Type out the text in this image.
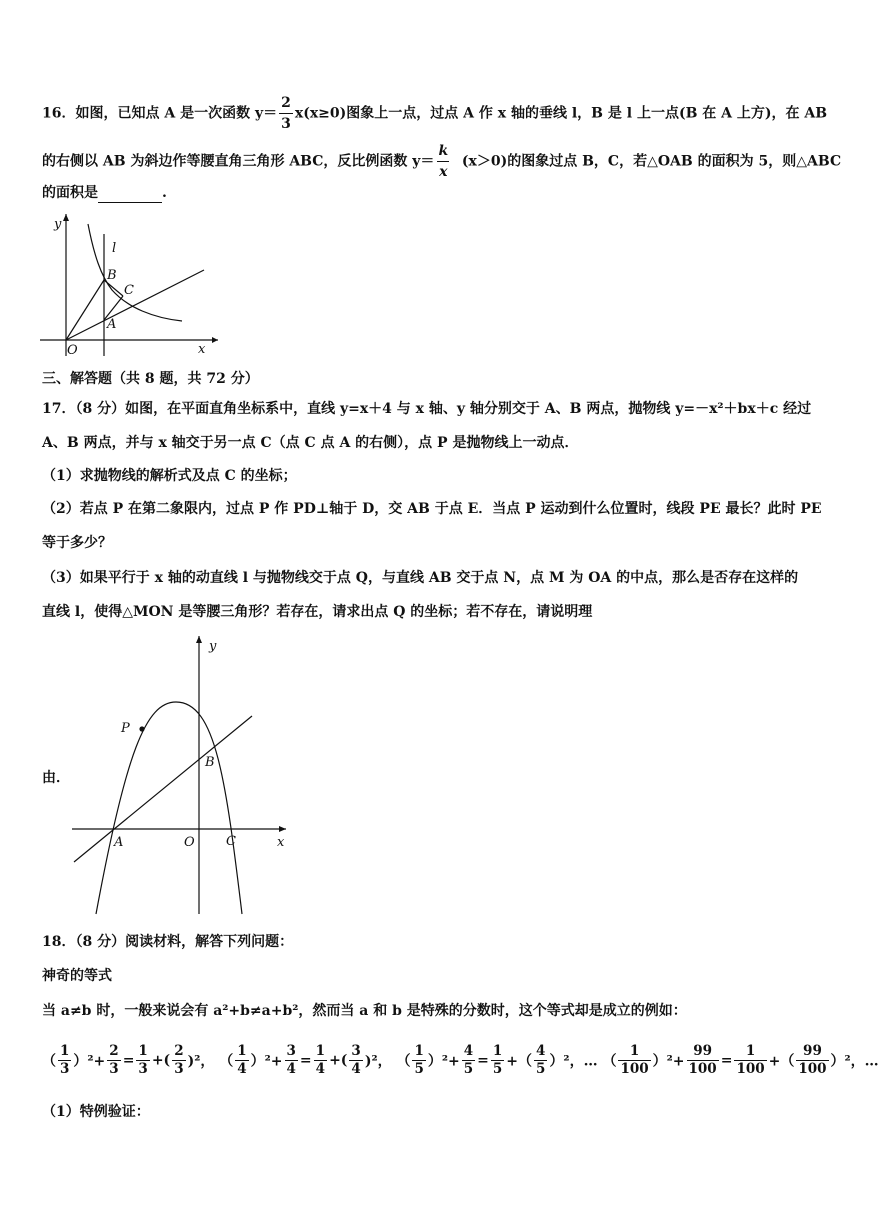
16．如图，已知点 A 是一次函数 $y= \frac{2}{3} x(x\ge 0)$图象上一点，过点 A 作 x 轴的垂线 l，B 是 l 上一点(B 在 A 上方)，在 AB
的右侧以 AB 为斜边作等腰直角三角形 ABC，反比例函数 $y= \frac{k}{x} (x>0)$的图象过点 B，C，若△OAB 的面积为 5，则△ABC
的面积是	.
y
l
B
C
A
O	x
三、解答题（共 8 题，共 72 分）
17．（8 分）如图，在平面直角坐标系中，直线 y=x＋4 与 x 轴、y 轴分别交于 A、B 两点，抛物线 y=－x²＋bx＋c 经过
A、B 两点，并与 x 轴交于另一点 C（点 C 点 A 的右侧），点 P 是抛物线上一动点．
（1）求抛物线的解析式及点 C 的坐标；
（2）若点 P 在第二象限内，过点 P 作 PD⊥轴于 D，交 AB 于点 E．当点 P 运动到什么位置时，线段 PE 最长？此时 PE
等于多少？
（3）如果平行于 x 轴的动直线 l 与抛物线交于点 Q，与直线 AB 交于点 N，点 M 为 OA 的中点，那么是否存在这样的
直线 l，使得△MON 是等腰三角形？若存在，请求出点 Q 的坐标；若不存在，请说明理
由．
y
P
B
A	O C	x
18．（8 分）阅读材料，解答下列问题：
神奇的等式
当 a≠b 时，一般来说会有 a²+b≠a+b²，然而当 a 和 b 是特殊的分数时，这个等式却是成立的例如：
（ $\frac{1}{3} )^2+ \frac{2}{3} = \frac{1}{3}$ +( $\frac{2}{3} )^2$， （ $\frac{1}{4} )^2+ \frac{3}{4} = \frac{1}{4}$ +( $\frac{3}{4} )^2$， （ $\frac{1}{5} )^2+ \frac{4}{5} = \frac{1}{5}$ +（ $\frac{4}{5} )^2$，… （ $\frac{1}{100} )^2+ \frac{99}{100} = \frac{1}{100}$ +（ $\frac{99}{100} )^2$，…
（1）特例验证：
